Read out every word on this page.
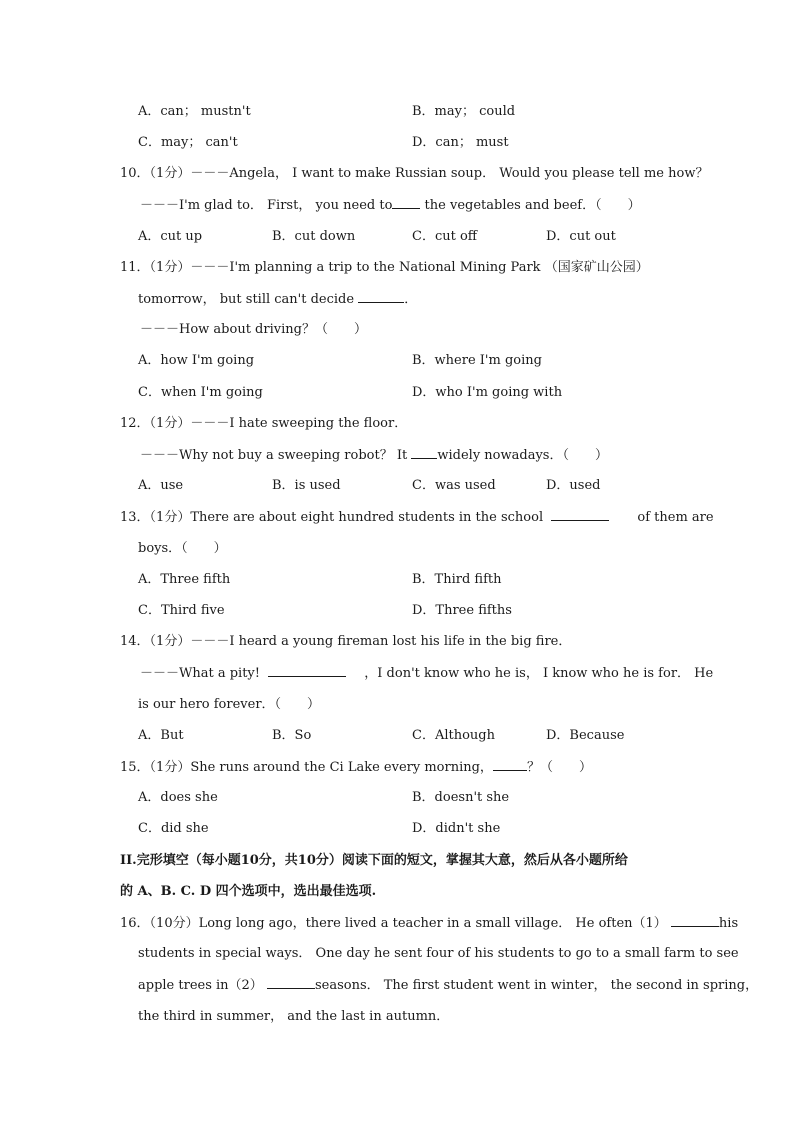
A．can； mustn't	B．may； could
C．may； can't	D．can； must
10．（1分）－－－Angela， I want to make Russian soup． Would you please tell me how？
－－－I'm glad to． First， you need to the vegetables and beef．（　　）
A．cut up	B．cut down	C．cut off	D．cut out
11．（1分）－－－I'm planning a trip to the National Mining Park （国家矿山公园）
tomorrow， but still can't decide	．
－－－How about driving？（　　）
A．how I'm going	B．where I'm going
C．when I'm going	D．who I'm going with
12．（1分）－－－I hate sweeping the floor．
－－－Why not buy a sweeping robot？ It widely nowadays．（　　）
A．use	B．is used	C．was used	D．used
13．（1分）There are about eight hundred students in the school	of them are
boys．（　　）
A．Three fifth	B．Third fifth
C．Third five	D．Three fifths
14．（1分）－－－I heard a young fireman lost his life in the big fire．
－－－What a pity!	，I don't know who he is， I know who he is for． He
is our hero forever．（　　）
A．But	B．So	C．Although	D．Because
15．（1分）She runs around the Ci Lake every morning，	？（　　）
A．does she	B．doesn't she
C．did she	D．didn't she
II.完形填空（每小题10分，共10分）阅读下面的短文，掌握其大意，然后从各小题所给
的 A、B. C. D 四个选项中，选出最佳选项.
16．（10分）Long long ago，there lived a teacher in a small village． He often（1）	his
students in special ways． One day he sent four of his students to go to a small farm to see
apple trees in（2）	seasons． The first student went in winter， the second in spring，
the third in summer， and the last in autumn．
